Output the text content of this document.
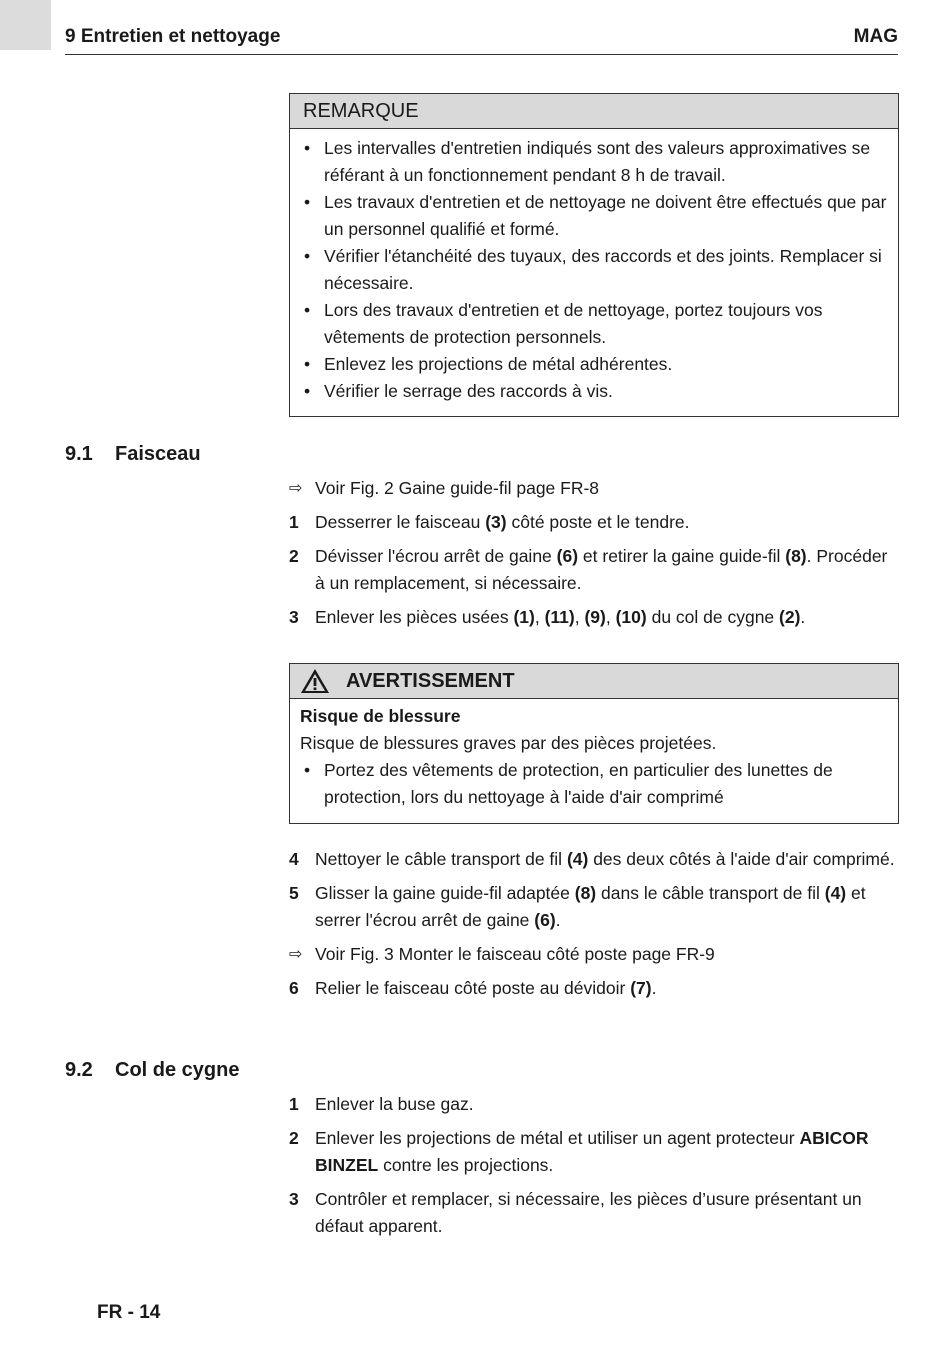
9 Entretien et nettoyage	MAG
REMARQUE
• Les intervalles d'entretien indiqués sont des valeurs approximatives se référant à un fonctionnement pendant 8 h de travail.
• Les travaux d'entretien et de nettoyage ne doivent être effectués que par un personnel qualifié et formé.
• Vérifier l'étanchéité des tuyaux, des raccords et des joints. Remplacer si nécessaire.
• Lors des travaux d'entretien et de nettoyage, portez toujours vos vêtements de protection personnels.
• Enlevez les projections de métal adhérentes.
• Vérifier le serrage des raccords à vis.
9.1 Faisceau
⇨ Voir Fig. 2 Gaine guide-fil page FR-8
1 Desserrer le faisceau (3) côté poste et le tendre.
2 Dévisser l'écrou arrêt de gaine (6) et retirer la gaine guide-fil (8). Procéder à un remplacement, si nécessaire.
3 Enlever les pièces usées (1), (11), (9), (10) du col de cygne (2).
AVERTISSEMENT
Risque de blessure
Risque de blessures graves par des pièces projetées.
• Portez des vêtements de protection, en particulier des lunettes de protection, lors du nettoyage à l'aide d'air comprimé
4 Nettoyer le câble transport de fil (4) des deux côtés à l'aide d'air comprimé.
5 Glisser la gaine guide-fil adaptée (8) dans le câble transport de fil (4) et serrer l'écrou arrêt de gaine (6).
⇨ Voir Fig. 3 Monter le faisceau côté poste page FR-9
6 Relier le faisceau côté poste au dévidoir (7).
9.2 Col de cygne
1 Enlever la buse gaz.
2 Enlever les projections de métal et utiliser un agent protecteur ABICOR BINZEL contre les projections.
3 Contrôler et remplacer, si nécessaire, les pièces d’usure présentant un défaut apparent.
FR - 14
